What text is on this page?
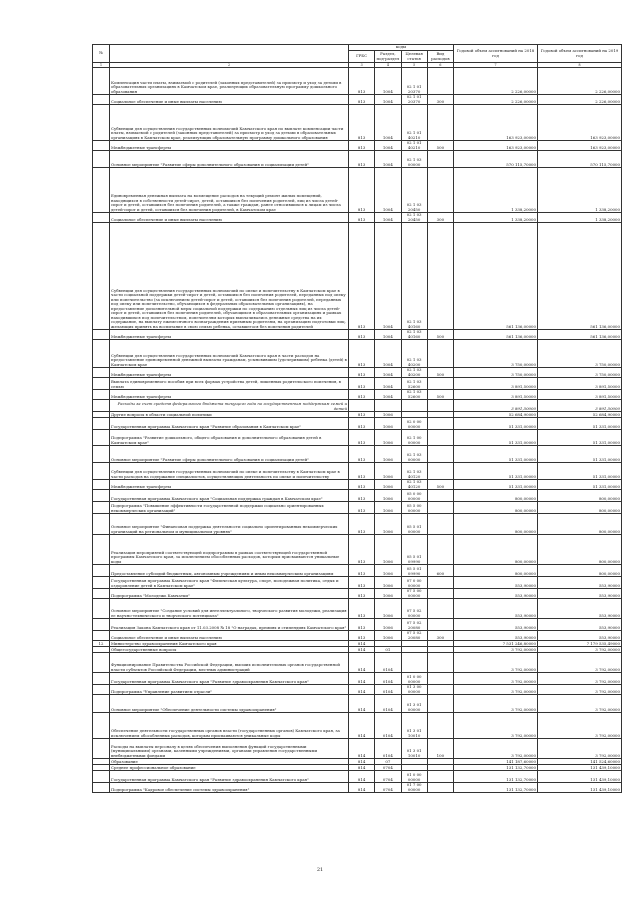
№		коды				Годовой объем ассигнований на 2018 год	Годовой объем ассигнований на 2019 год
		ГРБС	Раздел, под-раздел	Целевая статья	Вид расходов		
1	2	3	4	5	6	7	8
	Компенсация части платы, взимаемой с родителей (законных представителей) за присмотр и уход за детьми в образовательных организациях в Камчатском крае, реализующих образовательную программу дошкольного образования	813	1004	02 1 01 20370		2 226,00000	2 226,00000
	Социальное обеспечение и иные выплаты населению	813	1004	02 1 01 20370	300	2 226,00000	2 226,00000
	Субвенции для осуществления государственных полномочий Камчатского края по выплате компенсации части платы, взимаемой с родителей (законных представителей) за присмотр и уход за детьми в образовательных организациях в Камчатском крае, реализующих образовательную программу дошкольного образования	813	1004	02 1 01 40210		163 923,00000	163 923,00000
	Межбюджетные трансферты	813	1004	02 1 01 40210	500	163 923,00000	163 923,00000
	Основное мероприятие "Развитие сферы дополнительного образования и социализации детей"	813	1004	02 1 03 00000		570 115,70000	570 115,70000
	Единовременная денежная выплата на возмещение расходов на текущий ремонт жилых помещений, находящихся в собственности детей-сирот, детей, оставшихся без попечения родителей, лиц из числа детей-сирот и детей, оставшихся без попечения родителей, а также граждан, ранее относившихся к лицам из числа детей-сирот и детей, оставшихся без попечения родителей, в Камчатском крае	813	1004	02 1 03 20450		1 338,20000	1 338,20000
	Социальное обеспечение и иные выплаты населению	813	1004	02 1 03 20450	300	1 338,20000	1 338,20000
	Субвенции для осуществления государственных полномочий по опеке и попечительству в Камчатском крае в части социальной поддержки детей-сирот и детей, оставшихся без попечения родителей, переданных под опеку или попечительство (за исключением детей-сирот и детей, оставшихся без попечения родителей, переданных под опеку или попечительство, обучающихся в федеральных образовательных организациях), на предоставление дополнительной меры социальной поддержки по содержанию отдельных лиц из числа детей-сирот и детей, оставшихся без попечения родителей, обучающихся в образовательных организациях и рамках находившихся под попечительством, попечителям которых выплачивались денежные средства на их содержание, на выплату ежемесячного вознаграждения приемным родителям, на организацию подготовки лиц, желающих принять на воспитание в свою семью ребенка, оставшегося без попечения родителей	813	1004	02 1 03 40160		561 136,00000	561 136,00000
	Межбюджетные трансферты	813	1004	02 1 03 40160	500	561 136,00000	561 136,00000
	Субвенции для осуществления государственных полномочий Камчатского края в части расходов на предоставление единовременной денежной выплаты гражданам, усыновившим (удочерившим) ребенка (детей) в Камчатском крае	813	1004	02 1 03 40200		3 750,00000	3 750,00000
	Межбюджетные трансферты	813	1004	02 1 03 40200	500	3 750,00000	3 750,00000
	Выплата единовременного пособия при всех формах устройства детей, лишенных родительского попечения, в семью	813	1004	02 1 03 52600		3 891,50000	3 891,50000
	Межбюджетные трансферты	813	1004	02 1 03 52600	500	3 891,50000	3 891,50000
	Расходы за счет средств федерального бюджета текущего года по государственным поддержкам семей и детей					3 891,50000	3 891,50000
	Другие вопросы в области социальной политики	813	1006			52 684,90000	52 684,90000
	Государственная программа Камчатского края "Развитие образования в Камчатском крае"	813	1006	02 0 00 00000		51 331,00000	51 331,00000
	Подпрограмма "Развитие дошкольного, общего образования и дополнительного образования детей в Камчатском крае"	813	1006	02 1 00 00000		51 331,00000	51 331,00000
	Основное мероприятие "Развитие сферы дополнительного образования и социализации детей"	813	1006	02 1 03 00000		51 331,00000	51 331,00000
	Субвенции для осуществления государственных полномочий по опеке и попечительству в Камчатском крае в части расходов на содержание специалистов, осуществляющих деятельность по опеке и попечительству	813	1006	02 1 03 40120		51 331,00000	51 331,00000
	Межбюджетные трансферты	813	1006	02 1 03 40120	500	51 331,00000	51 331,00000
	Государственная программа Камчатского края "Социальная поддержка граждан в Камчатском крае"	813	1006	05 0 00 00000		800,00000	800,00000
	Подпрограмма "Повышение эффективности государственной поддержки социально ориентированных некоммерческих организаций"	813	1006	05 5 00 00000		800,00000	800,00000
	Основное мероприятие "Финансовая поддержка деятельности социально ориентированных некоммерческих организаций на региональном и муниципальном уровнях"	813	1006	05 5 01 00000		800,00000	800,00000
	Реализация мероприятий соответствующей подпрограммы в рамках соответствующей государственной программы Камчатского края, за исключением обособленных расходов, которым присваиваются уникальные коды	813	1006	05 5 01 09990		800,00000	800,00000
	Предоставление субсидий бюджетным, автономным учреждениям и иным некоммерческим организациям	813	1006	05 5 01 09990	600	800,00000	800,00000
	Государственная программа Камчатского края "Физическая культура, спорт, молодежная политика, отдых и оздоровление детей в Камчатском крае"	813	1006	07 0 00 00000		553,90000	553,90000
	Подпрограмма "Молодежь Камчатки"	813	1006	07 5 00 00000		553,90000	553,90000
	Основное мероприятие "Создание условий для интеллектуального, творческого развития молодежи, реализация ее научно-технического и творческого потенциала"	813	1006	07 5 02 00000		553,90000	553,90000
	Реализация Закона Камчатского края от 11.03.2008 № 18 "О наградах, премиях и стипендиях Камчатского края"	813	1006	07 5 02 20080		553,90000	553,90000
	Социальное обеспечение и иные выплаты населению	813	1006	07 5 02 20080	300	553,90000	553,90000
12	Министерство здравоохранения Камчатского края	814				7 531 246,80000	7 179 535,49000
	Общегосударственные вопросы	814	01			3 792,00000	3 792,00000
	Функционирование Правительства Российской Федерации, высших исполнительных органов государственной власти субъектов Российской Федерации, местных администраций	814	0104			3 792,00000	3 792,00000
	Государственная программа Камчатского края "Развитие здравоохранения Камчатского края"	814	0104	01 0 00 00000		3 792,00000	3 792,00000
	Подпрограмма "Управление развитием отрасли"	814	0104	01 3 00 00000		3 792,00000	3 792,00000
	Основное мероприятие "Обеспечение деятельности системы здравоохранения"	814	0104	01 3 01 00000		3 792,00000	3 792,00000
	Обеспечение деятельности государственных органов власти (государственных органов) Камчатского края, за исключением обособленных расходов, которым присваиваются уникальные коды	814	0104	01 3 01 10010		3 792,00000	3 792,00000
	Расходы на выплаты персоналу в целях обеспечения выполнения функций государственными (муниципальными) органами, казенными учреждениями, органами управления государственными внебюджетными фондами	814	0104	01 3 01 10010	100	3 792,00000	3 792,00000
	Образование	814	07			141 187,60000	141 524,60000
	Среднее профессиональное образование	814	0704			131 132,70000	131 439,10000
	Государственная программа Камчатского края "Развитие здравоохранения Камчатского края"	814	0704	01 0 00 00000		131 132,70000	131 439,10000
	Подпрограмма "Кадровое обеспечение системы здравоохранения"	814	0704	01 7 00 00000		131 132,70000	131 439,10000
21
